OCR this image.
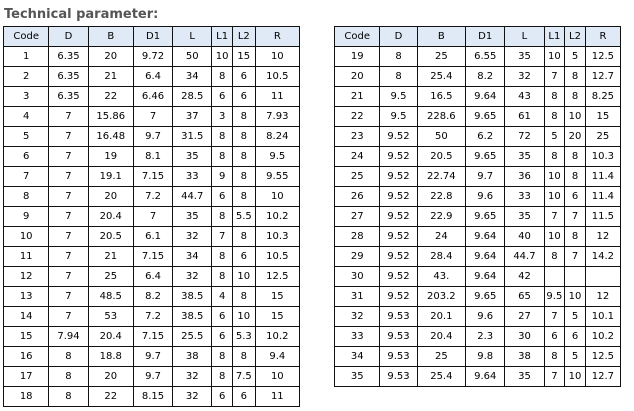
Technical parameter:
Code	D	B	D1	L	L1	L2	R
1	6.35	20	9.72	50	10	15	10
2	6.35	21	6.4	34	8	6	10.5
3	6.35	22	6.46	28.5	6	6	11
4	7	15.86	7	37	3	8	7.93
5	7	16.48	9.7	31.5	8	8	8.24
6	7	19	8.1	35	8	8	9.5
7	7	19.1	7.15	33	9	8	9.55
8	7	20	7.2	44.7	6	8	10
9	7	20.4	7	35	8	5.5	10.2
10	7	20.5	6.1	32	7	8	10.3
11	7	21	7.15	34	8	6	10.5
12	7	25	6.4	32	8	10	12.5
13	7	48.5	8.2	38.5	4	8	15
14	7	53	7.2	38.5	6	10	15
15	7.94	20.4	7.15	25.5	6	5.3	10.2
16	8	18.8	9.7	38	8	8	9.4
17	8	20	9.7	32	8	7.5	10
18	8	22	8.15	32	6	6	11
Code	D	B	D1	L	L1	L2	R
19	8	25	6.55	35	10	5	12.5
20	8	25.4	8.2	32	7	8	12.7
21	9.5	16.5	9.64	43	8	8	8.25
22	9.5	228.6	9.65	61	8	10	15
23	9.52	50	6.2	72	5	20	25
24	9.52	20.5	9.65	35	8	8	10.3
25	9.52	22.74	9.7	36	10	8	11.4
26	9.52	22.8	9.6	33	10	6	11.4
27	9.52	22.9	9.65	35	7	7	11.5
28	9.52	24	9.64	40	10	8	12
29	9.52	28.4	9.64	44.7	8	7	14.2
30	9.52	43.	9.64	42			
31	9.52	203.2	9.65	65	9.5	10	12
32	9.53	20.1	9.6	27	7	5	10.1
33	9.53	20.4	2.3	30	6	6	10.2
34	9.53	25	9.8	38	8	5	12.5
35	9.53	25.4	9.64	35	7	10	12.7
